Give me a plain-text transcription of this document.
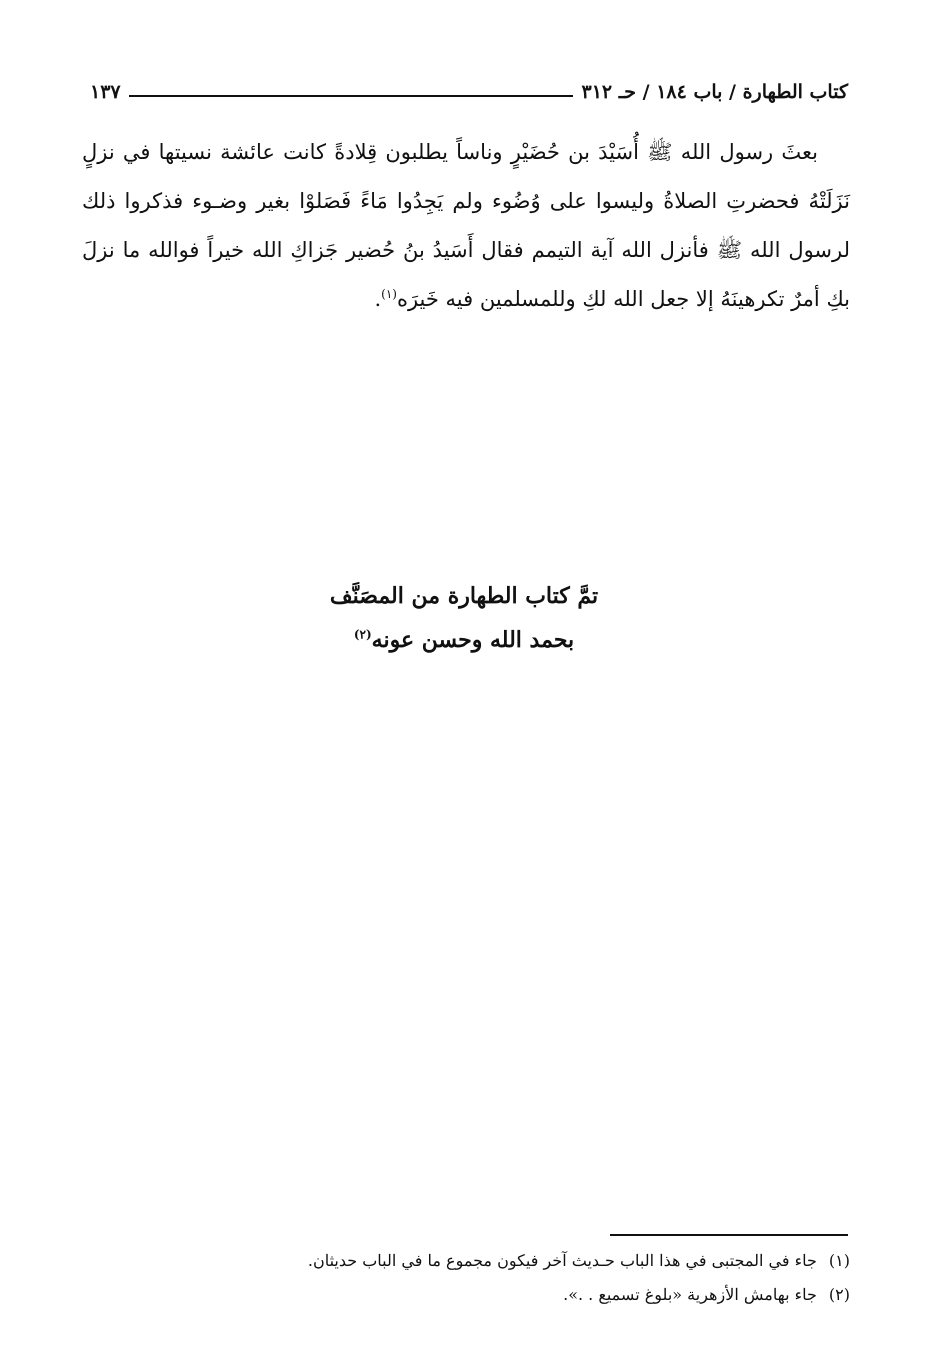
كتاب الطهارة / باب ١٨٤ / حـ ٣١٢
١٣٧

بعثَ رسول الله ﷺ أُسَيْدَ بن حُضَيْرٍ وناساً يطلبون قِلادةً كانت عائشة نسيتها في نزلٍ نَزَلَتْهُ فحضرتِ الصلاةُ وليسوا على وُضُوء ولم يَجِدُوا مَاءً فَصَلوْا بغير وضـوء فذكروا ذلك لرسول الله ﷺ فأنزل الله آية التيمم فقال أَسَيدُ بنُ حُضير جَزاكِ الله خيراً فوالله ما نزلَ بكِ أمرٌ تكرهينَهُ إلا جعل الله لكِ وللمسلمين فيه خَيرَه$^{(١)}$.

تمَّ كتاب الطهارة من المصَنَّف
بحمد الله وحسن عونه$^{(٢)}$
(١)
جاء في المجتبى في هذا الباب حـديث آخر فيكون مجموع ما في الباب حديثان.
(٢)
جاء بهامش الأزهرية «بلوغ تسميع . .».
